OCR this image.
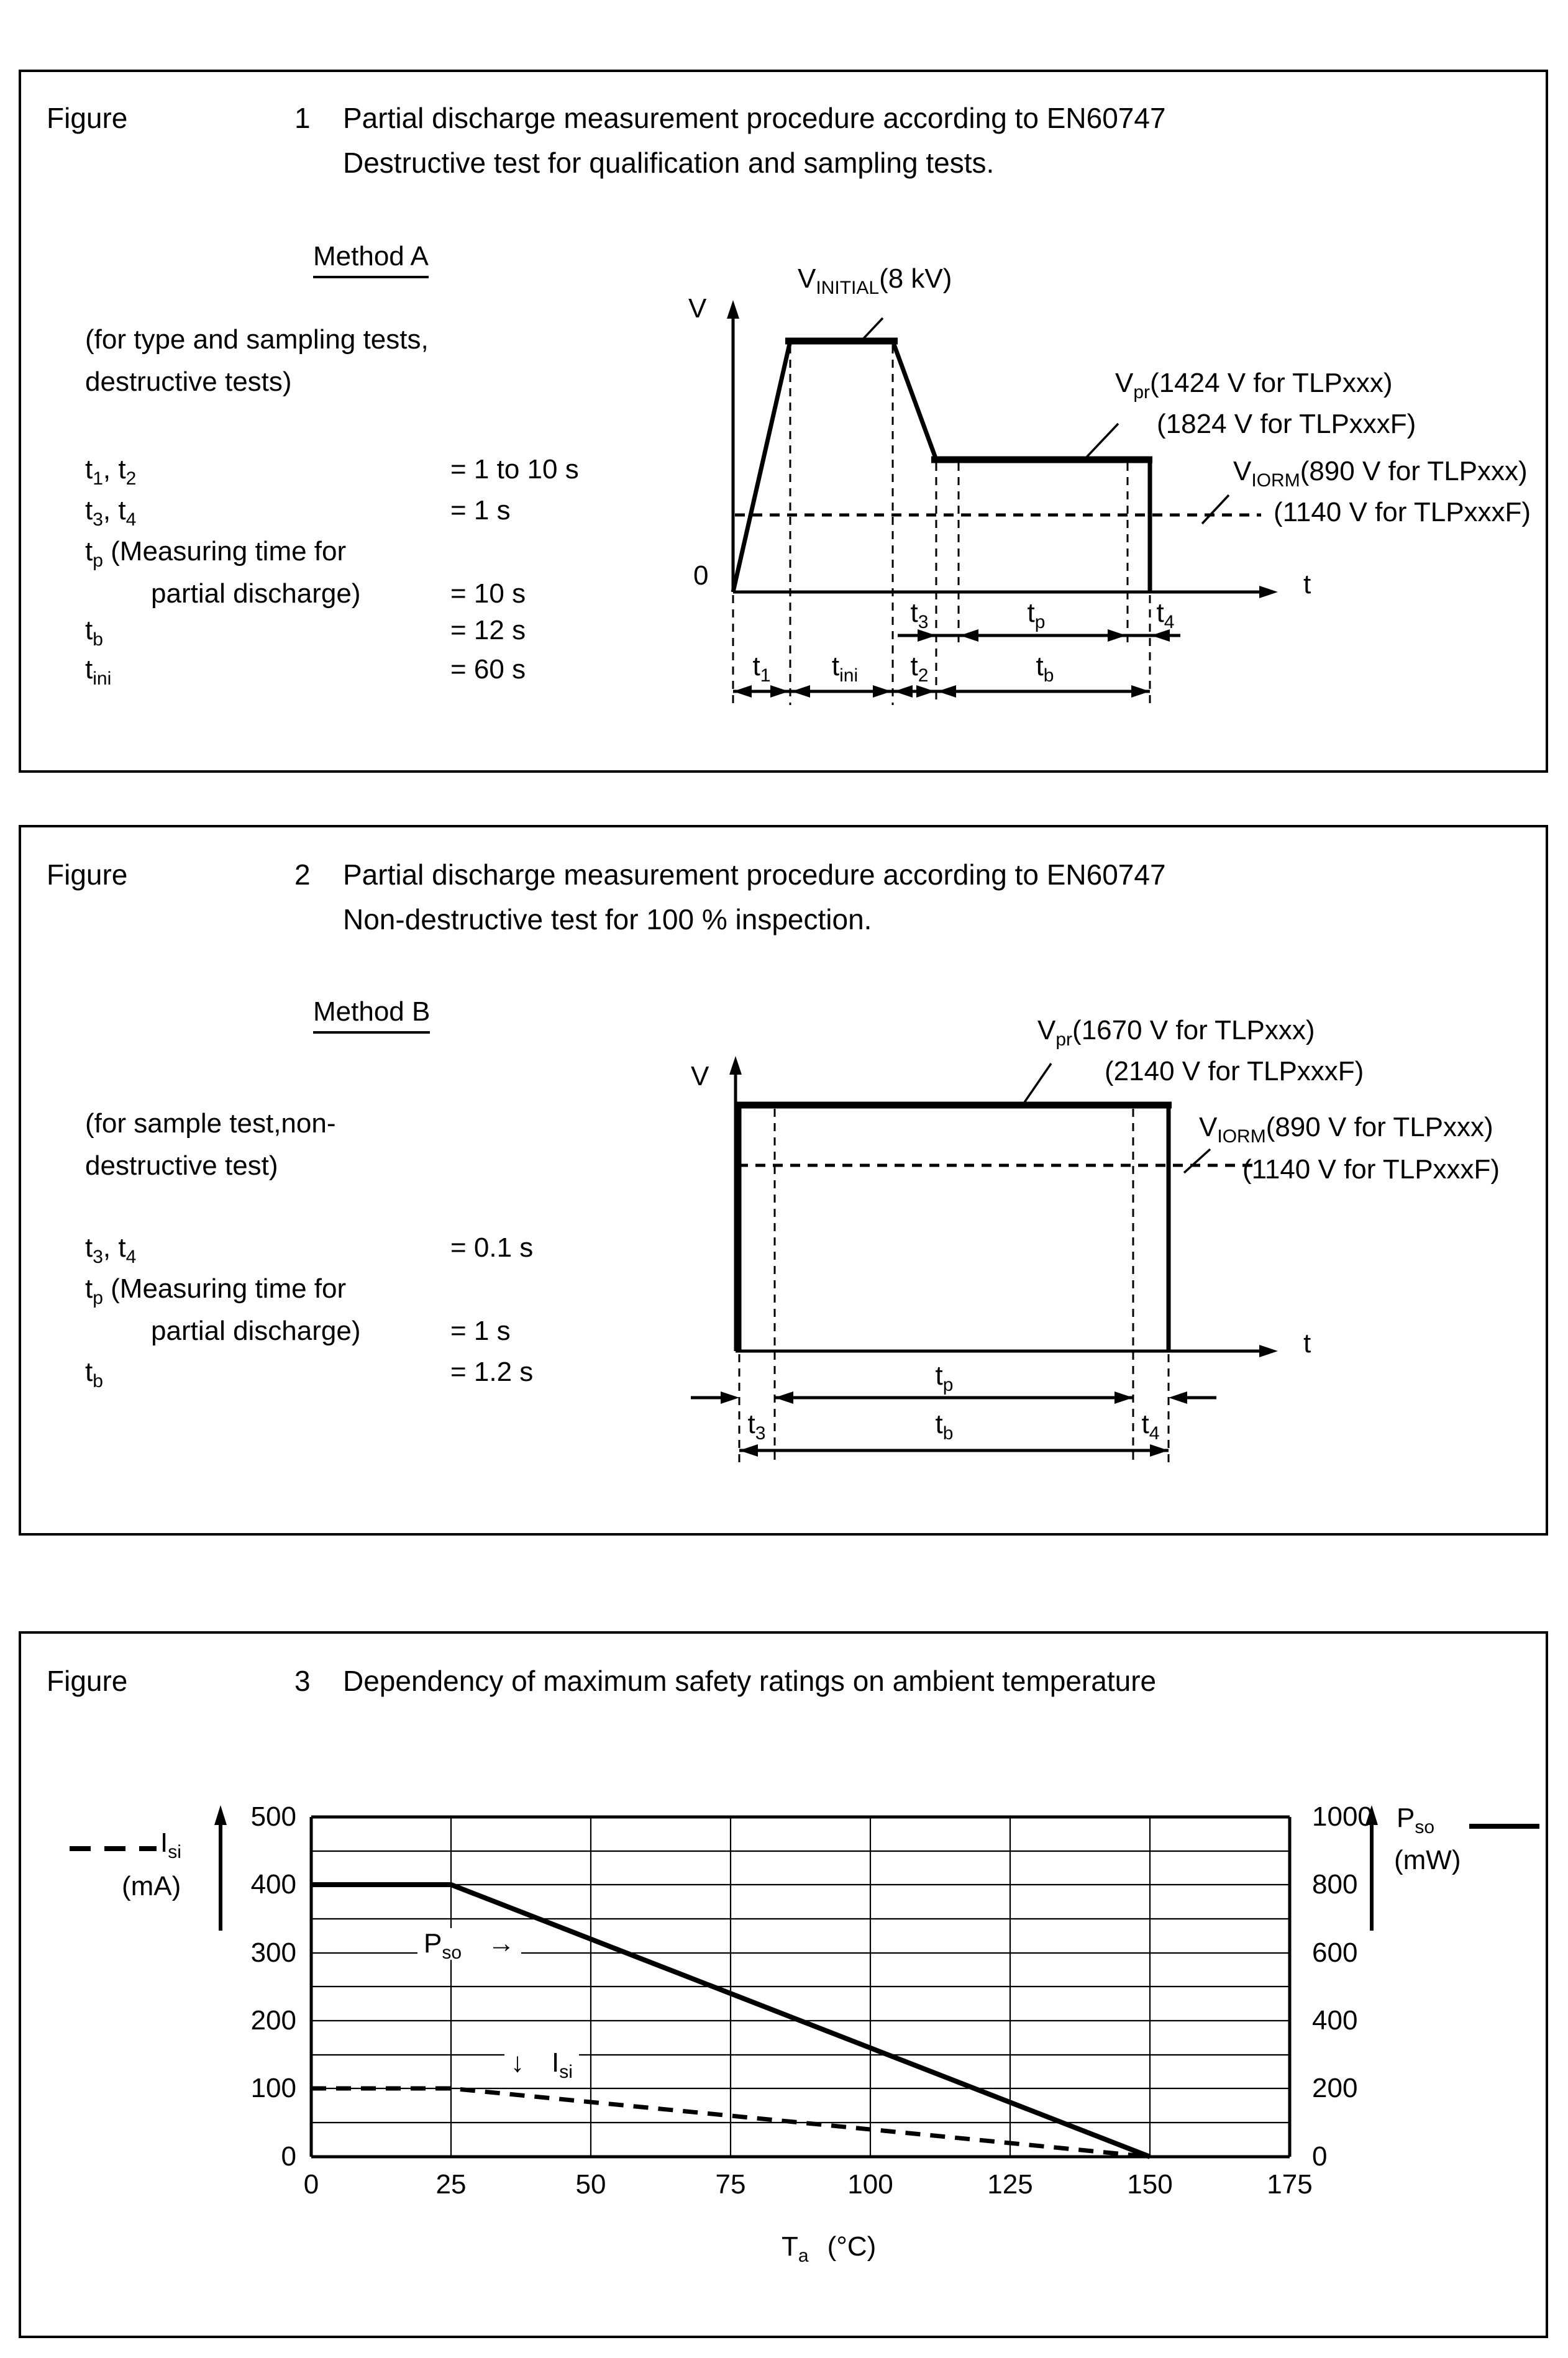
Figure	1 Partial discharge measurement procedure according to EN60747
Destructive test for qualification and sampling tests.
Method A
(for type and sampling tests,
destructive tests)
$t_1$, $t_2$	= 1 to 10 s
$t_3$, $t_4$	= 1 s
$t_p$ (Measuring time for
partial discharge)	= 10 s
$t_b$	= 12 s
$t_{ini}$	= 60 s
V
0	t
$V_{INITIAL}(8$ kV)
$V_{pr}(1424$ V for TLPxxx)
(1824 V for TLPxxxF)
$V_{IORM}(890$ V for TLPxxx)
(1140 V for TLPxxxF)
$t_3$	$t_p$	$t_4$
$t_1$ $t_{ini}$ $t_2$	$t_b$
Figure	2 Partial discharge measurement procedure according to EN60747
Non-destructive test for 100 % inspection.
Method B
(for sample test,non-
destructive test)
$t_3$, $t_4$	= 0.1 s
$t_p$ (Measuring time for
partial discharge)	= 1 s
$t_b$	= 1.2 s
V
t
$V_{pr}(1670$ V for TLPxxx)
(2140 V for TLPxxxF)
$V_{IORM}(890$ V for TLPxxx)
(1140 V for TLPxxxF)
$t_p$
$t_3$	$t_b$	$t_4$
Figure	3 Dependency of maximum safety ratings on ambient temperature
$I_{si}$
(mA)
500
400
300
200
100
0
$P_{so}$
(mW)
1000
800
600
400
200
0
$P_{so}$ →
↓ $I_{si}$
0	25	50	75	100	125	150	175
$T_a$ (°C)
